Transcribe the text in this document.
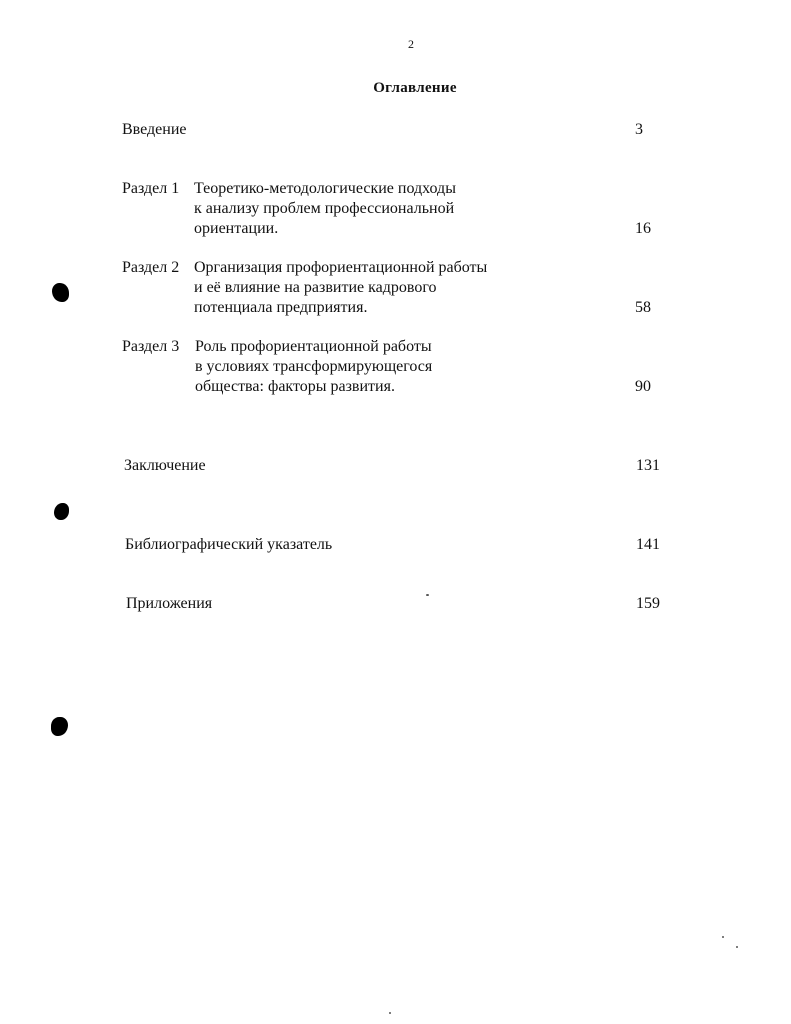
2
Оглавление
Введение	3
Раздел 1 Теоретико-методологические подходы
к анализу проблем профессиональной
ориентации.	16
Раздел 2 Организация профориентационной работы
и её влияние на развитие кадрового
потенциала предприятия.	58
Раздел 3 Роль профориентационной работы
в условиях трансформирующегося
общества: факторы развития.	90
Заключение	131
Библиографический указатель	141
Приложения	159
